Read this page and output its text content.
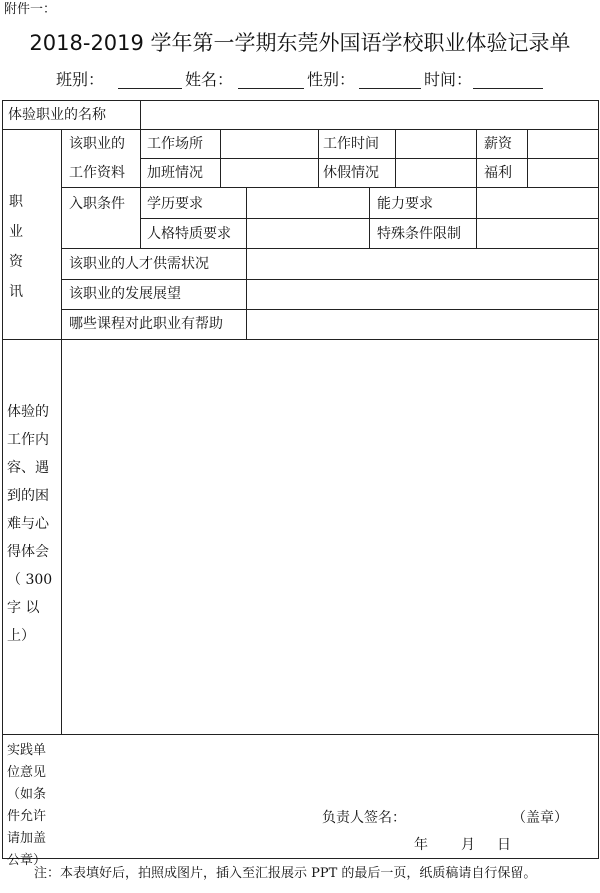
附件一：
2018-2019 学年第一学期东莞外国语学校职业体验记录单
班别：	姓名：	性别：	时间：
体验职业的名称
职
业
资
讯
该职业的
工作资料
工作场所	工作时间	薪资
加班情况	休假情况	福利
入职条件 学历要求	能力要求
人格特质要求	特殊条件限制
该职业的人才供需状况
该职业的发展展望
哪些课程对此职业有帮助
体验的工作内容、遇到的困难与心得体会（ 300 字 以上）
实践单位意见（如条件允许请加盖公章）
负责人签名：	（盖章）
年 月 日
注：本表填好后，拍照成图片，插入至汇报展示 PPT 的最后一页，纸质稿请自行保留。
